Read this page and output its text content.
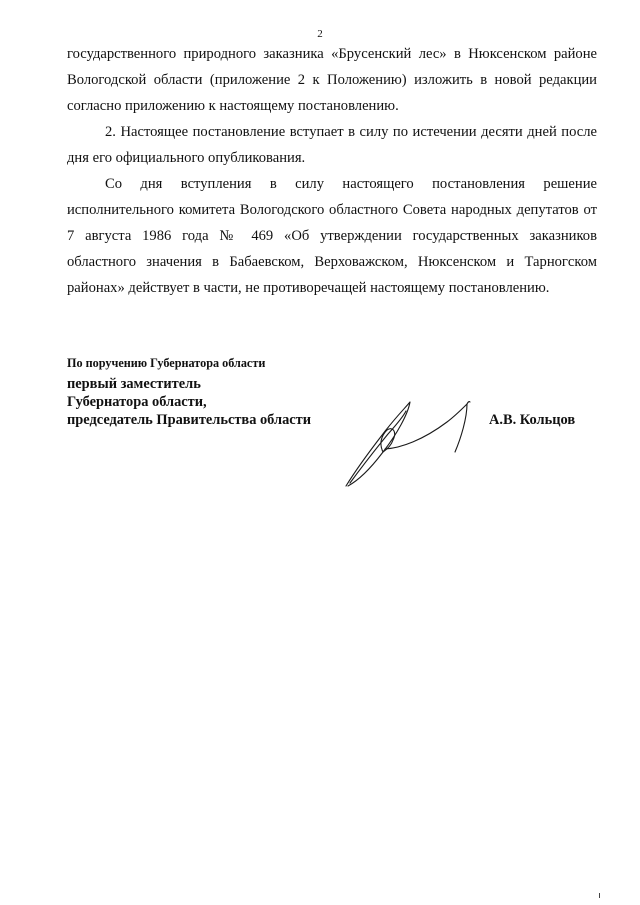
2

государственного природного заказника «Брусенский лес» в Нюксенском районе Вологодской области (приложение 2 к Положению) изложить в новой редакции согласно приложению к настоящему постановлению.

2. Настоящее постановление вступает в силу по истечении десяти дней после дня его официального опубликования.

Со дня вступления в силу настоящего постановления решение исполнительного комитета Вологодского областного Совета народных депутатов от 7 августа 1986 года № 469 «Об утверждении государственных заказников областного значения в Бабаевском, Верховажском, Нюксенском и Тарногском районах» действует в части, не противоречащей настоящему постановлению.

По поручению Губернатора области
первый заместитель
Губернатора области,
председатель Правительства области	А.В. Кольцов
